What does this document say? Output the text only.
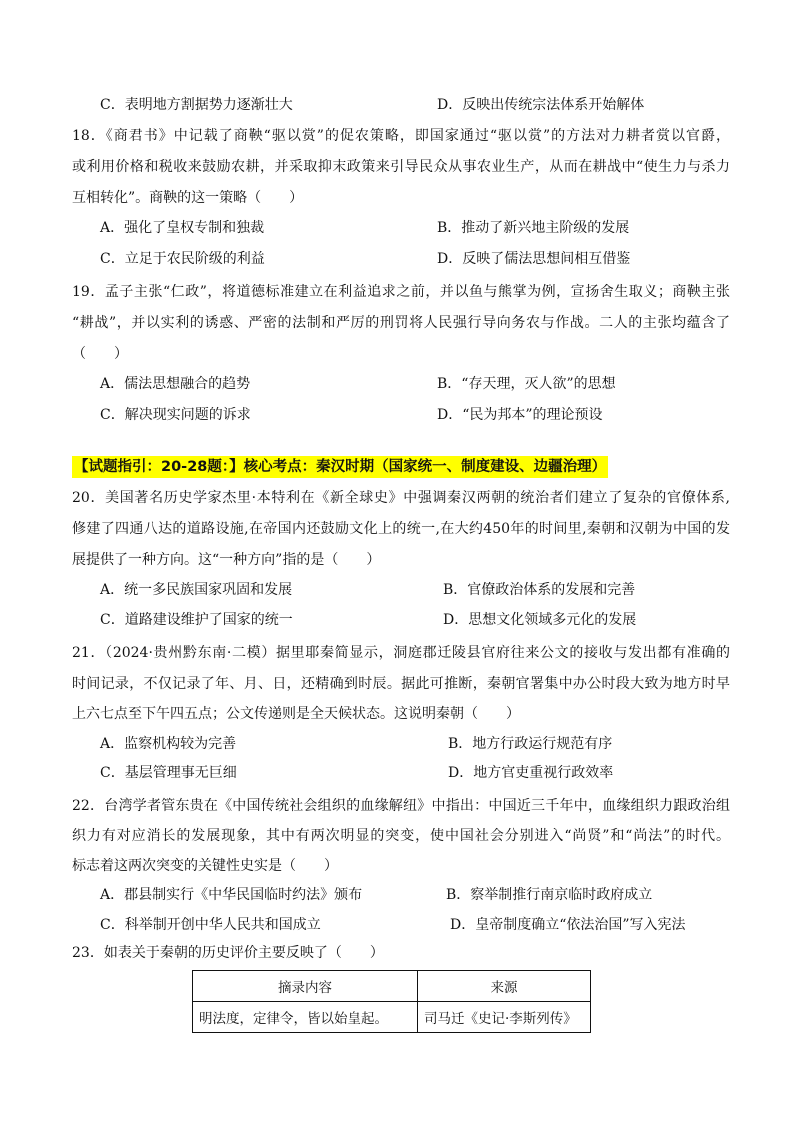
C．表明地方割据势力逐渐壮大	D．反映出传统宗法体系开始解体
18．《商君书》中记载了商鞅“驱以赏”的促农策略，即国家通过“驱以赏”的方法对力耕者赏以官爵，
或利用价格和税收来鼓励农耕，并采取抑末政策来引导民众从事农业生产，从而在耕战中“使生力与杀力
互相转化”。商鞅的这一策略（　　）
A．强化了皇权专制和独裁	B．推动了新兴地主阶级的发展
C．立足于农民阶级的利益	D．反映了儒法思想间相互借鉴
19．孟子主张“仁政”，将道德标准建立在利益追求之前，并以鱼与熊掌为例，宣扬舍生取义；商鞅主张
“耕战”，并以实利的诱惑、严密的法制和严厉的刑罚将人民强行导向务农与作战。二人的主张均蕴含了
（　　）
A．儒法思想融合的趋势	B．“存天理，灭人欲”的思想
C．解决现实问题的诉求	D．“民为邦本”的理论预设
【试题指引：20-28题：】核心考点：秦汉时期（国家统一、制度建设、边疆治理）
20．美国著名历史学家杰里·本特利在《新全球史》中强调秦汉两朝的统治者们建立了复杂的官僚体系,
修建了四通八达的道路设施,在帝国内还鼓励文化上的统一,在大约450年的时间里,秦朝和汉朝为中国的发
展提供了一种方向。这“一种方向”指的是（　　）
A．统一多民族国家巩固和发展	B．官僚政治体系的发展和完善
C．道路建设维护了国家的统一	D．思想文化领域多元化的发展
21．（2024·贵州黔东南·二模）据里耶秦简显示，洞庭郡迁陵县官府往来公文的接收与发出都有准确的
时间记录，不仅记录了年、月、日，还精确到时辰。据此可推断，秦朝官署集中办公时段大致为地方时早
上六七点至下午四五点；公文传递则是全天候状态。这说明秦朝（　　）
A．监察机构较为完善	B．地方行政运行规范有序
C．基层管理事无巨细	D．地方官吏重视行政效率
22．台湾学者管东贵在《中国传统社会组织的血缘解纽》中指出：中国近三千年中，血缘组织力跟政治组
织力有对应消长的发展现象，其中有两次明显的突变，使中国社会分别进入“尚贤”和“尚法”的时代。
标志着这两次突变的关键性史实是（　　）
A．郡县制实行《中华民国临时约法》颁布	B．察举制推行南京临时政府成立
C．科举制开创中华人民共和国成立	D．皇帝制度确立“依法治国”写入宪法
23．如表关于秦朝的历史评价主要反映了（　　）
摘录内容	来源
明法度，定律令，皆以始皇起。	司马迁《史记·李斯列传》
